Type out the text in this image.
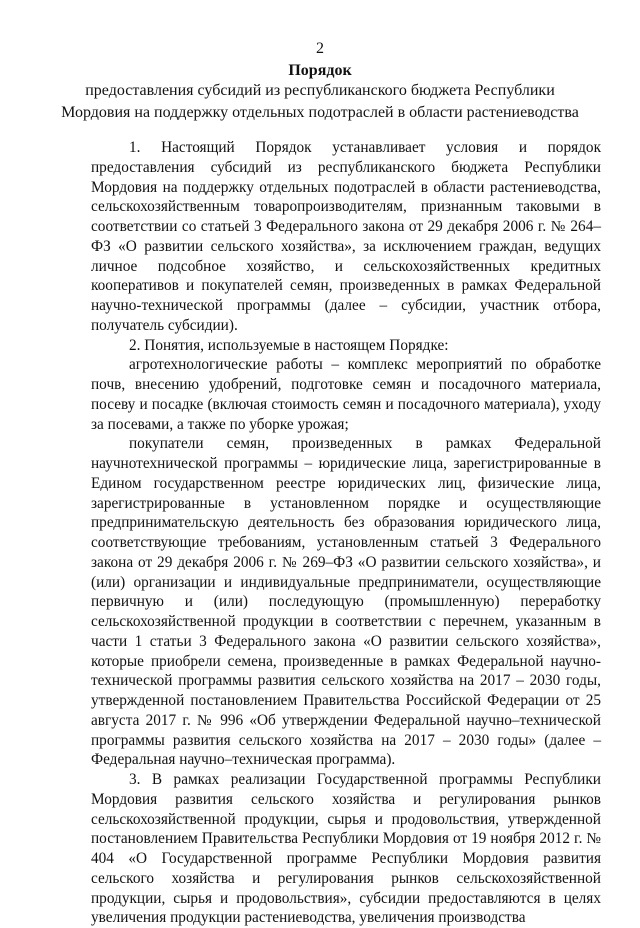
2
Порядок
предоставления субсидий из республиканского бюджета Республики
Мордовия на поддержку отдельных подотраслей в области растениеводства

1. Настоящий Порядок устанавливает условия и порядок предоставления субсидий из республиканского бюджета Республики Мордовия на поддержку отдельных подотраслей в области растениеводства, сельскохозяйственным товаропроизводителям, признанным таковыми в соответствии со статьей 3 Федерального закона от 29 декабря 2006 г. № 264–ФЗ «О развитии сельского хозяйства», за исключением граждан, ведущих личное подсобное хозяйство, и сельскохозяйственных кредитных кооперативов и покупателей семян, произведенных в рамках Федеральной научно-технической программы (далее – субсидии, участник отбора, получатель субсидии).

2. Понятия, используемые в настоящем Порядке:

агротехнологические работы – комплекс мероприятий по обработке почв, внесению удобрений, подготовке семян и посадочного материала, посеву и посадке (включая стоимость семян и посадочного материала), уходу за посевами, а также по уборке урожая;

покупатели семян, произведенных в рамках Федеральной научнотехнической программы – юридические лица, зарегистрированные в Едином государственном реестре юридических лиц, физические лица, зарегистрированные в установленном порядке и осуществляющие предпринимательскую деятельность без образования юридического лица, соответствующие требованиям, установленным статьей 3 Федерального закона от 29 декабря 2006 г. № 269–ФЗ «О развитии сельского хозяйства», и (или) организации и индивидуальные предприниматели, осуществляющие первичную и (или) последующую (промышленную) переработку сельскохозяйственной продукции в соответствии с перечнем, указанным в части 1 статьи 3 Федерального закона «О развитии сельского хозяйства», которые приобрели семена, произведенные в рамках Федеральной научно-технической программы развития сельского хозяйства на 2017 – 2030 годы, утвержденной постановлением Правительства Российской Федерации от 25 августа 2017 г. № 996 «Об утверждении Федеральной научно–технической программы развития сельского хозяйства на 2017 – 2030 годы» (далее – Федеральная научно–техническая программа).

3. В рамках реализации Государственной программы Республики Мордовия развития сельского хозяйства и регулирования рынков сельскохозяйственной продукции, сырья и продовольствия, утвержденной постановлением Правительства Республики Мордовия от 19 ноября 2012 г. № 404 «О Государственной программе Республики Мордовия развития сельского хозяйства и регулирования рынков сельскохозяйственной продукции, сырья и продовольствия», субсидии предоставляются в целях увеличения продукции растениеводства, увеличения производства
